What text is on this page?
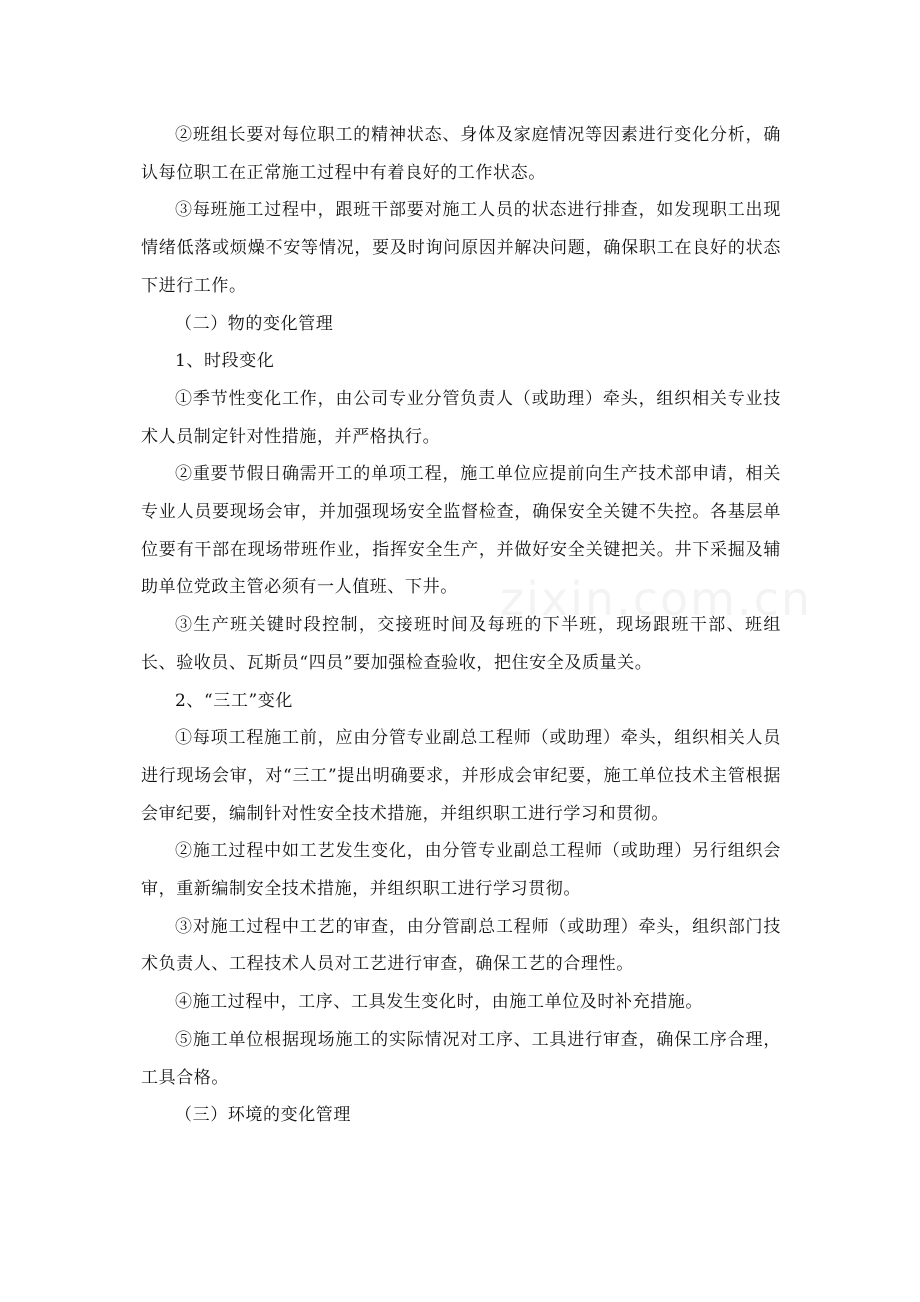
②班组长要对每位职工的精神状态、身体及家庭情况等因素进行变化分析，确认每位职工在正常施工过程中有着良好的工作状态。

③每班施工过程中，跟班干部要对施工人员的状态进行排查，如发现职工出现情绪低落或烦燥不安等情况，要及时询问原因并解决问题，确保职工在良好的状态下进行工作。

（二）物的变化管理

1、时段变化

①季节性变化工作，由公司专业分管负责人（或助理）牵头，组织相关专业技术人员制定针对性措施，并严格执行。

②重要节假日确需开工的单项工程，施工单位应提前向生产技术部申请，相关专业人员要现场会审，并加强现场安全监督检查，确保安全关键不失控。各基层单位要有干部在现场带班作业，指挥安全生产，并做好安全关键把关。井下采掘及辅助单位党政主管必须有一人值班、下井。

③生产班关键时段控制，交接班时间及每班的下半班，现场跟班干部、班组长、验收员、瓦斯员“四员”要加强检查验收，把住安全及质量关。

2、“三工”变化

①每项工程施工前，应由分管专业副总工程师（或助理）牵头，组织相关人员进行现场会审，对“三工”提出明确要求，并形成会审纪要，施工单位技术主管根据会审纪要，编制针对性安全技术措施，并组织职工进行学习和贯彻。

②施工过程中如工艺发生变化，由分管专业副总工程师（或助理）另行组织会审，重新编制安全技术措施，并组织职工进行学习贯彻。

③对施工过程中工艺的审查，由分管副总工程师（或助理）牵头，组织部门技术负责人、工程技术人员对工艺进行审查，确保工艺的合理性。

④施工过程中，工序、工具发生变化时，由施工单位及时补充措施。

⑤施工单位根据现场施工的实际情况对工序、工具进行审查，确保工序合理，工具合格。

（三）环境的变化管理

zixin.com.cn
